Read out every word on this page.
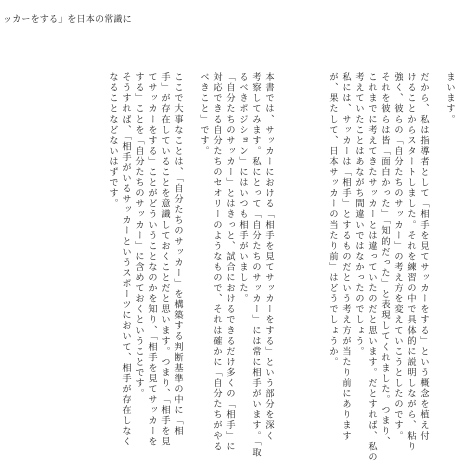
ッカーをする」を日本の常識に
まいます。
だから、私は指導者として「相手を見てサッカーをする」という概念を植え付
けることからスタートしました。それを練習の中で具体的に説明しながら、粘り
強く、彼らの「自分たちのサッカー」の考え方を変えていこうとしたのです。
それを彼らは皆「面白かった」「知的だった」と表現してくれました。つまり、
これまでに考えてきたサッカーとは違っていたのだと思います。だとすれば、私の
考えていたことはあながち間違いではなかったのでしょう。
私には、サッカーは「相手」とするものだという考え方が当たり前にあります
が、果たして、日本サッカーの当たり前」はどうでしょうか。
本書では、サッカーにおける「相手を見てサッカーをする」という部分を深く
考察してみます。私にとって「自分たちのサッカー」には常に相手がいます。「取
るべきポジション」にはいつも相手がいました。
「自分たちのサッカー」とはきっと、試合におけるできるだけ多くの「相手」に
対応できる自分たちのセオリーのようなもので、それは確かに「自分たちがやる
べきこと」です。
ここで大事なことは、「自分たちのサッカー」を構築する判断基準の中に「相
手」が存在していることを意識しておくことだと思います。つまり、「相手を見
てサッカーをする」ことがどういうことなのかを知り、「相手を見てサッカーを
する」ことを「自分たちのサッカー」に含めておくということです。
そうすれば、「相手がいるサッカーというスポーツにおいて、相手が存在しなく
なることなどないはずです。
